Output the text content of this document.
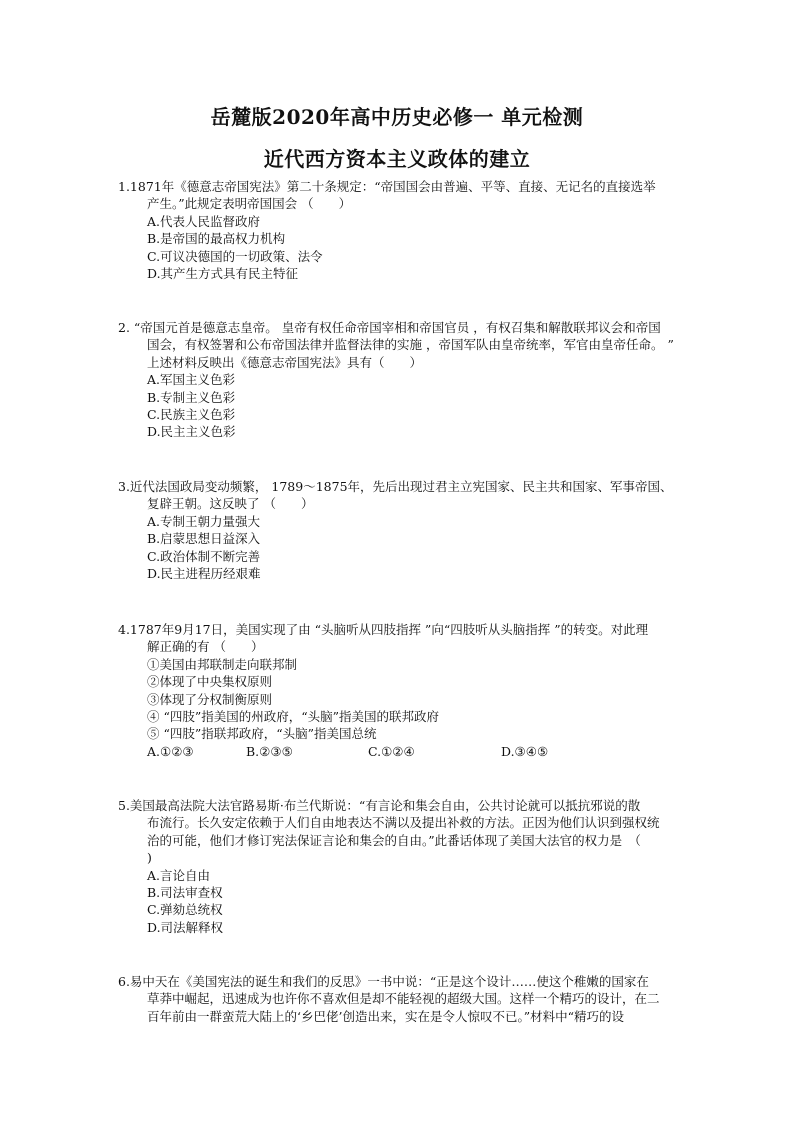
岳麓版2020年高中历史必修一 单元检测
近代西方资本主义政体的建立

1.1871年《德意志帝国宪法》第二十条规定：“帝国国会由普遍、平等、直接、无记名的直接选举

产生。”此规定表明帝国国会 （　　）

A.代表人民监督政府

B.是帝国的最高权力机构

C.可议决德国的一切政策、法令

D.其产生方式具有民主特征

2. “帝国元首是德意志皇帝。 皇帝有权任命帝国宰相和帝国官员 ，有权召集和解散联邦议会和帝国

国会，有权签署和公布帝国法律并监督法律的实施 ，帝国军队由皇帝统率，军官由皇帝任命。 ”

上述材料反映出《德意志帝国宪法》具有（　　）

A.军国主义色彩

B.专制主义色彩

C.民族主义色彩

D.民主主义色彩

3.近代法国政局变动频繁， 1789～1875年，先后出现过君主立宪国家、民主共和国家、军事帝国、

复辟王朝。这反映了 （　　）

A.专制王朝力量强大

B.启蒙思想日益深入

C.政治体制不断完善

D.民主进程历经艰难

4.1787年9月17日，美国实现了由 “头脑听从四肢指挥 ”向“四肢听从头脑指挥 ”的转变。对此理

解正确的有 （　　）

①美国由邦联制走向联邦制

②体现了中央集权原则

③体现了分权制衡原则

④ “四肢”指美国的州政府，“头脑”指美国的联邦政府

⑤ “四肢”指联邦政府，“头脑”指美国总统

A.①②③	B.②③⑤	C.①②④	D.③④⑤

5.美国最高法院大法官路易斯·布兰代斯说：“有言论和集会自由，公共讨论就可以抵抗邪说的散

布流行。长久安定依赖于人们自由地表达不满以及提出补救的方法。正因为他们认识到强权统

治的可能，他们才修订宪法保证言论和集会的自由。”此番话体现了美国大法官的权力是　（

)

A.言论自由

B.司法审查权

C.弹劾总统权

D.司法解释权

6.易中天在《美国宪法的诞生和我们的反思》一书中说：“正是这个设计……使这个稚嫩的国家在

草莽中崛起，迅速成为也许你不喜欢但是却不能轻视的超级大国。这样一个精巧的设计，在二

百年前由一群蛮荒大陆上的‘乡巴佬’创造出来，实在是令人惊叹不已。”材料中“精巧的设
